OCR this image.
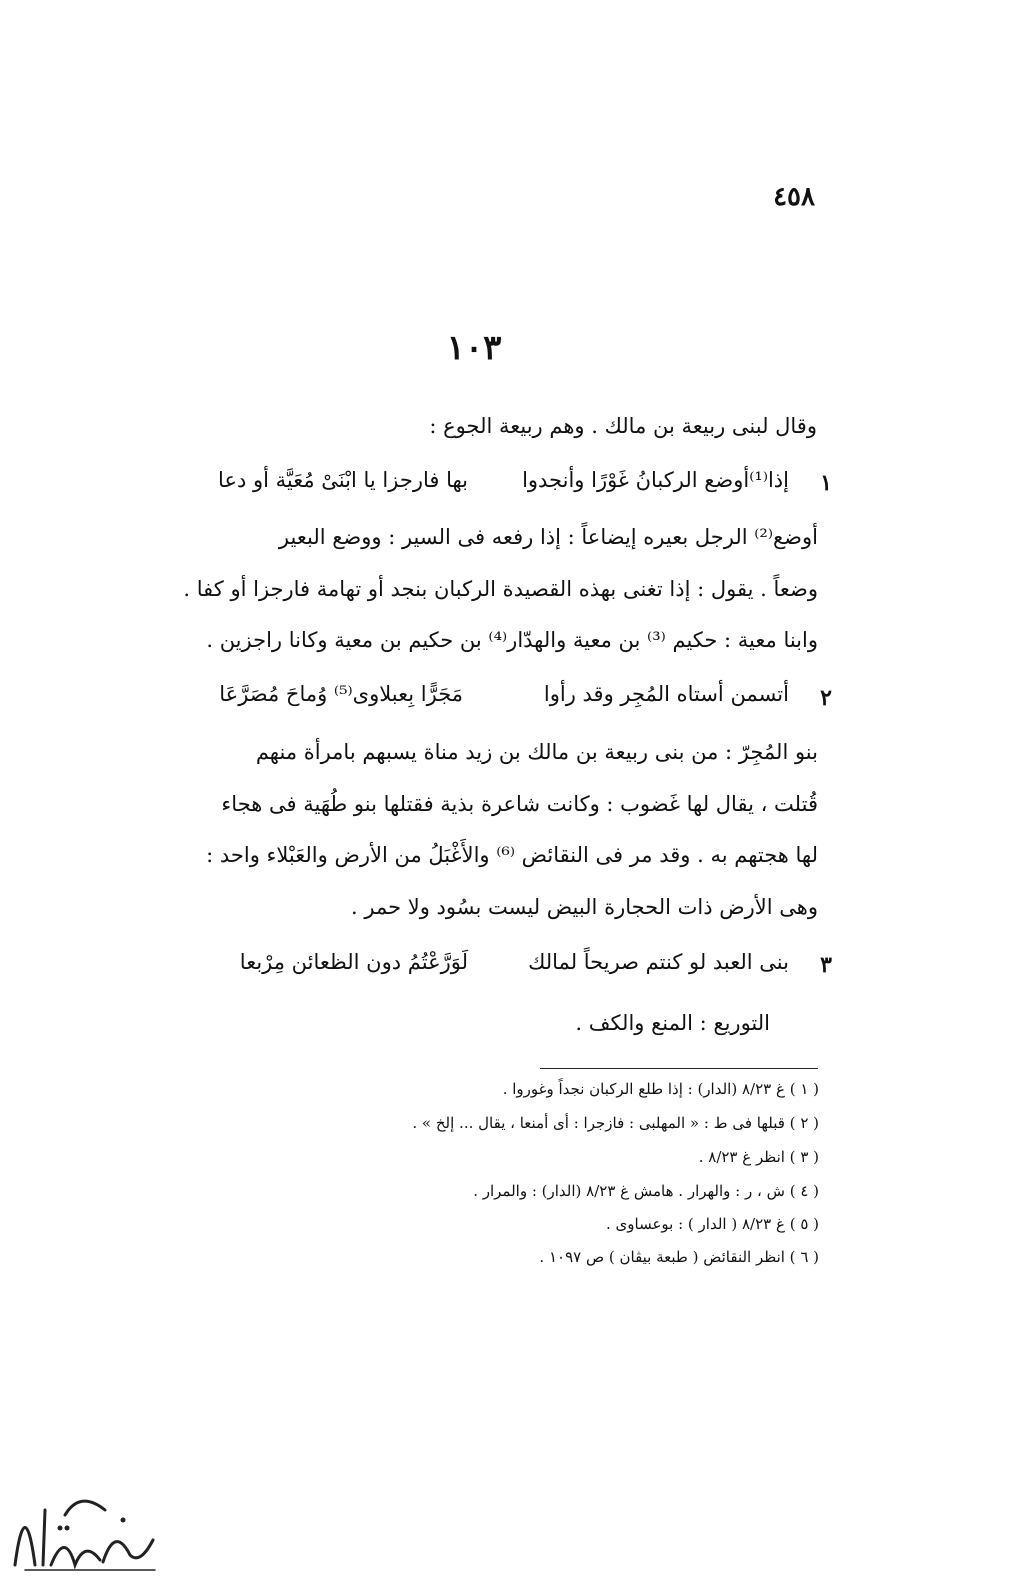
٤٥٨
١٠٣
وقال لبنى ربيعة بن مالك . وهم ربيعة الجوع :
١
إذا⁽¹⁾أوضع الركبانُ غَوْرًا وأنجدوا
بها فارجزا يا ابْنَىْ مُعَيَّة أو دعا
أوضع⁽²⁾ الرجل بعيره إيضاعاً : إذا رفعه فى السير : ووضع البعير
وضعاً . يقول : إذا تغنى بهذه القصيدة الركبان بنجد أو تهامة فارجزا أو كفا .
وابنا معية : حكيم ⁽³⁾ بن معية والهدّار⁽⁴⁾ بن حكيم بن معية وكانا راجزين .
٢
أتسمن أستاه المُجِر وقد رأوا
مَجَرًّا بِعبلاوى⁽⁵⁾ وُماحَ مُصَرَّعَا
بنو المُجِرّ : من بنى ربيعة بن مالك بن زيد مناة يسبهم بامرأة منهم
قُتلت ، يقال لها غَضوب : وكانت شاعرة بذية فقتلها بنو طُهَية فى هجاء
لها هجتهم به . وقد مر فى النقائض ⁽⁶⁾ والأَغْبَلُ من الأرض والعَبْلاء واحد :
وهى الأرض ذات الحجارة البيض ليست بسُود ولا حمر .
٣
بنى العبد لو كنتم صريحاً لمالك
لَوَرَّعْتُمُ دون الظعائن مِرْبعا
التوريع : المنع والكف .
( ١ ) غ ٨/٢٣ (الدار) : إذا طلع الركبان نجداً وغوروا .
( ٢ ) قبلها فى ط : « المهلبى : فازجرا : أى أمنعا ، يقال ... إلخ » .
( ٣ ) انظر غ ٨/٢٣ .
( ٤ ) ش ، ر : والهرار . هامش غ ٨/٢٣ (الدار) : والمرار .
( ٥ ) غ ٨/٢٣ ( الدار ) : بوعساوى .
( ٦ ) انظر النقائض ( طبعة بيڤان ) ص ١٠٩٧ .
